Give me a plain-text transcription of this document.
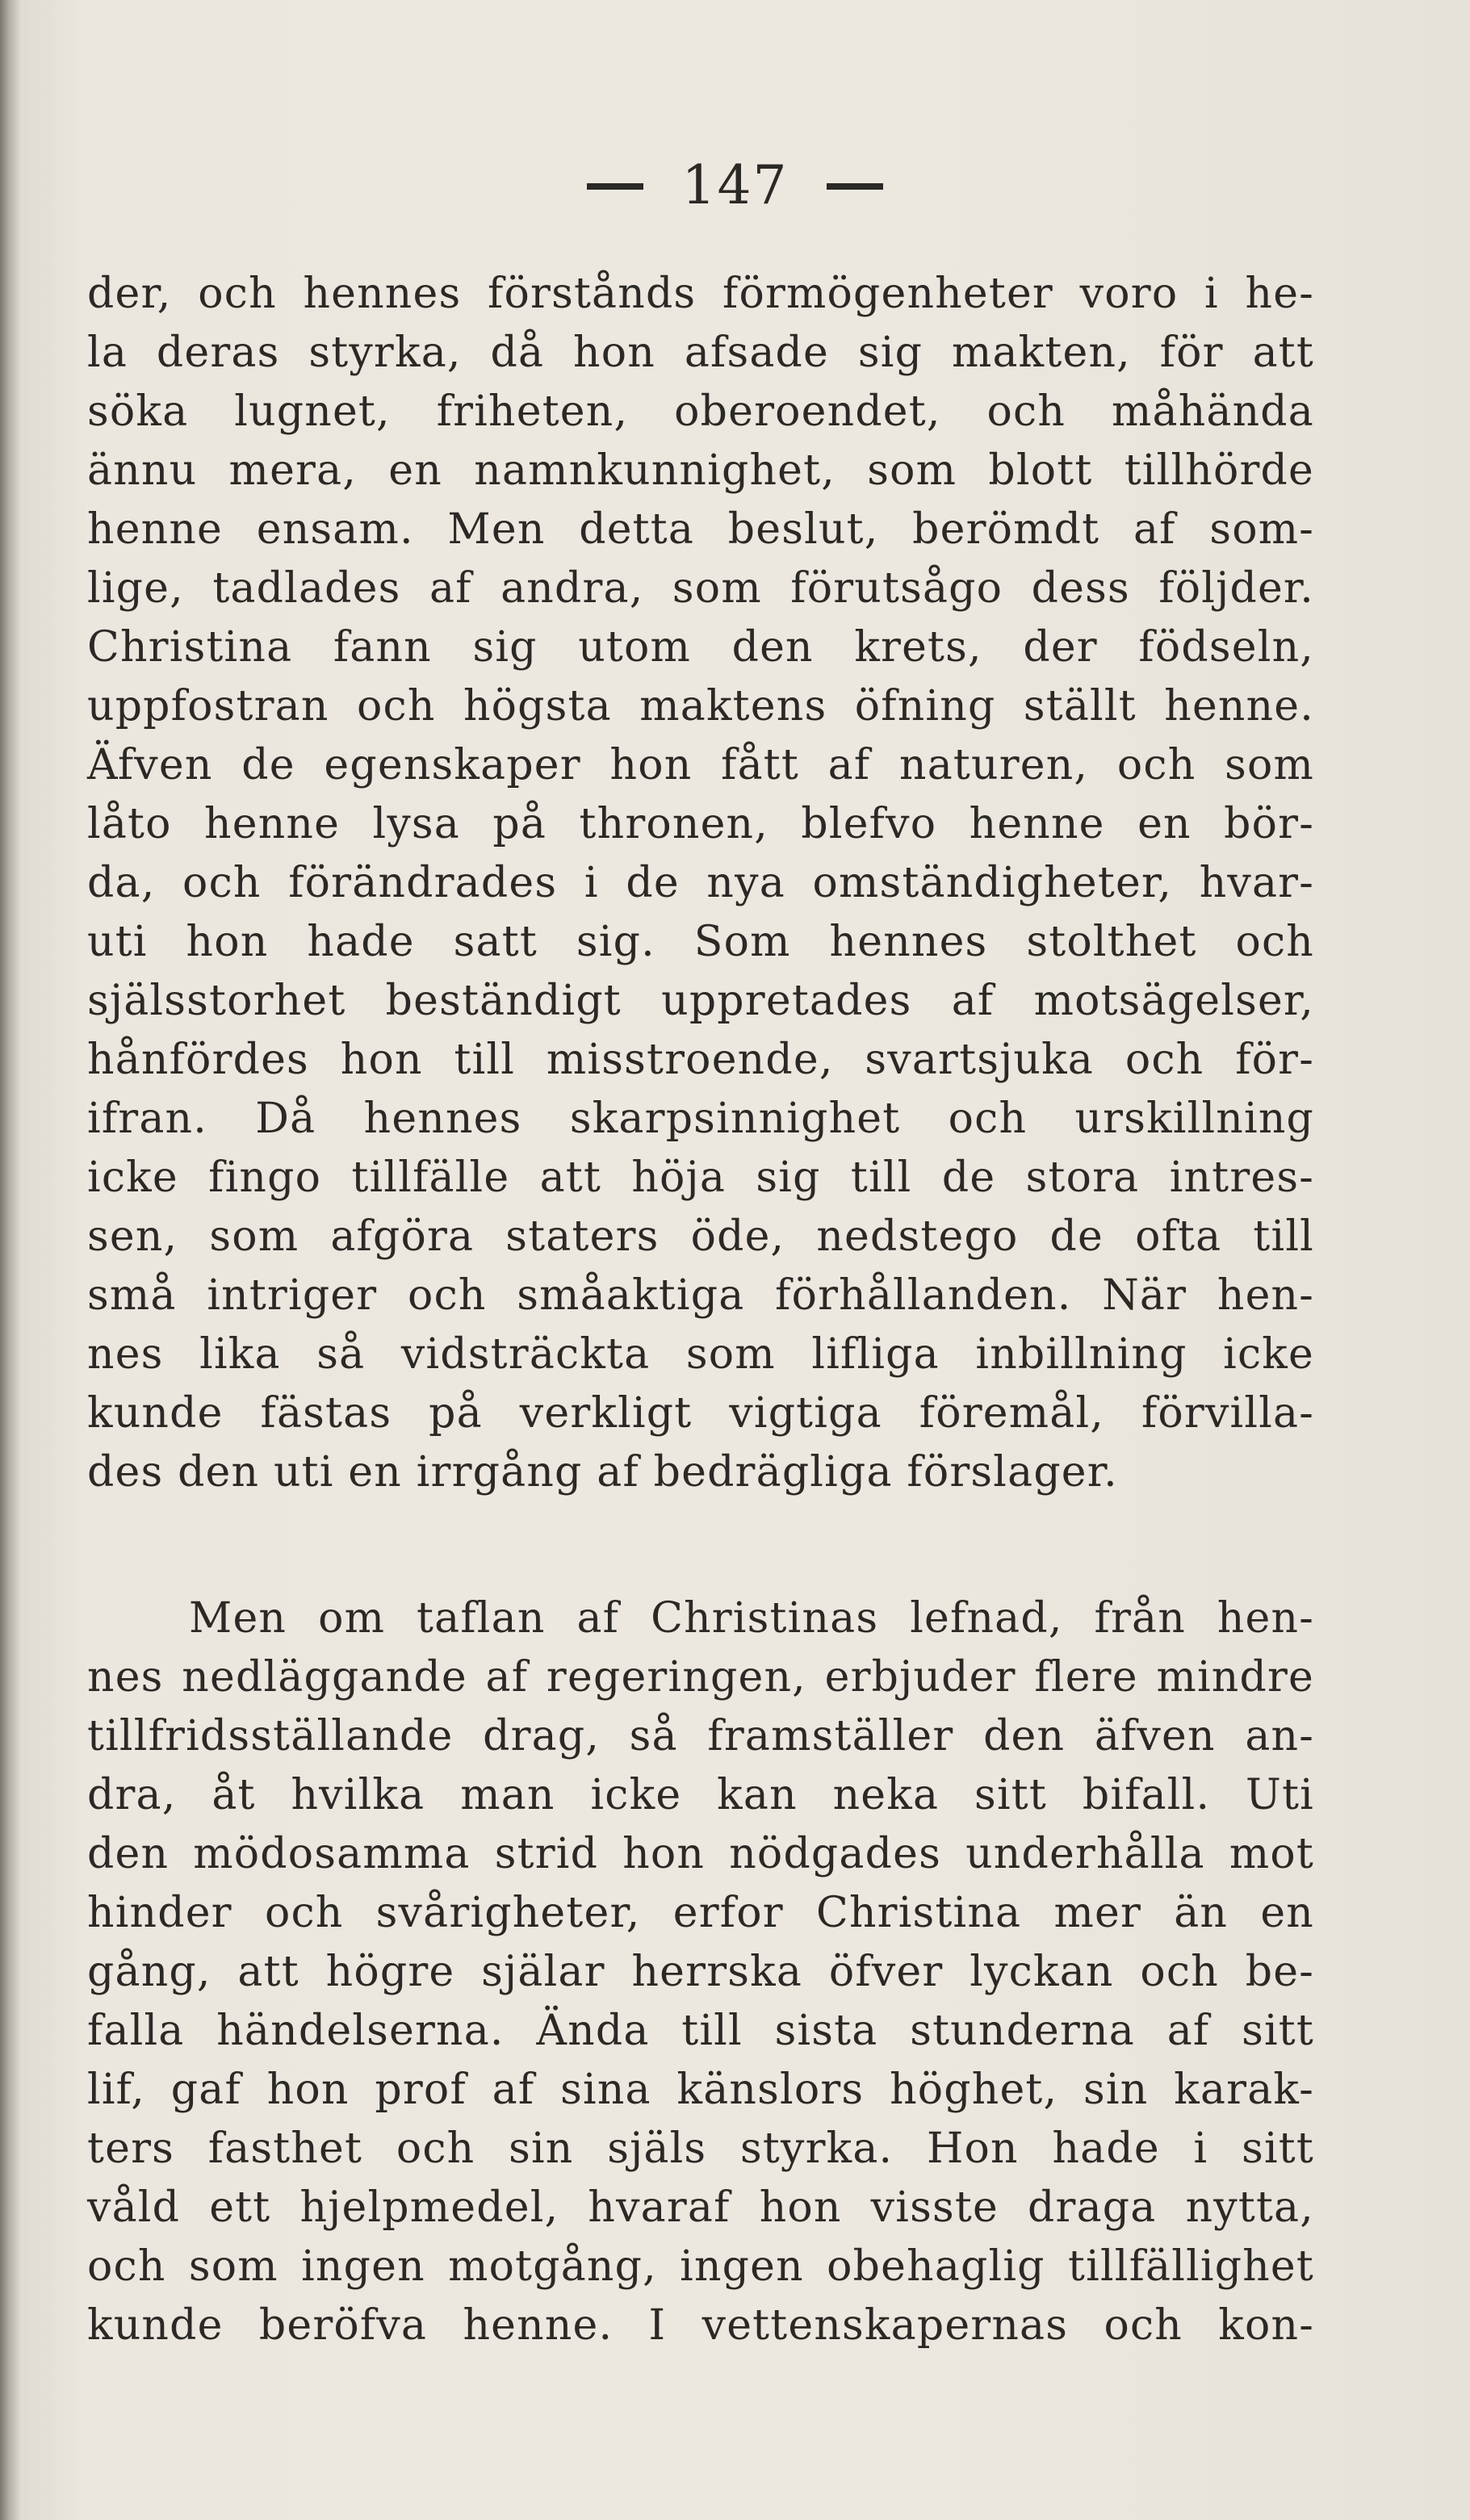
147
der, och hennes förstånds förmögenheter voro i he-
la deras styrka, då hon afsade sig makten, för att
söka lugnet, friheten, oberoendet, och måhända
ännu mera, en namnkunnighet, som blott tillhörde
henne ensam. Men detta beslut, berömdt af som-
lige, tadlades af andra, som förutsågo dess följder.
Christina fann sig utom den krets, der födseln,
uppfostran och högsta maktens öfning ställt henne.
Äfven de egenskaper hon fått af naturen, och som
låto henne lysa på thronen, blefvo henne en bör-
da, och förändrades i de nya omständigheter, hvar-
uti hon hade satt sig. Som hennes stolthet och
själsstorhet beständigt uppretades af motsägelser,
hånfördes hon till misstroende, svartsjuka och för-
ifran. Då hennes skarpsinnighet och urskillning
icke fingo tillfälle att höja sig till de stora intres-
sen, som afgöra staters öde, nedstego de ofta till
små intriger och småaktiga förhållanden. När hen-
nes lika så vidsträckta som lifliga inbillning icke
kunde fästas på verkligt vigtiga föremål, förvilla-
des den uti en irrgång af bedrägliga förslager.
Men om taflan af Christinas lefnad, från hen-
nes nedläggande af regeringen, erbjuder flere mindre
tillfridsställande drag, så framställer den äfven an-
dra, åt hvilka man icke kan neka sitt bifall. Uti
den mödosamma strid hon nödgades underhålla mot
hinder och svårigheter, erfor Christina mer än en
gång, att högre själar herrska öfver lyckan och be-
falla händelserna. Ända till sista stunderna af sitt
lif, gaf hon prof af sina känslors höghet, sin karak-
ters fasthet och sin själs styrka. Hon hade i sitt
våld ett hjelpmedel, hvaraf hon visste draga nytta,
och som ingen motgång, ingen obehaglig tillfällighet
kunde beröfva henne. I vettenskapernas och kon-
